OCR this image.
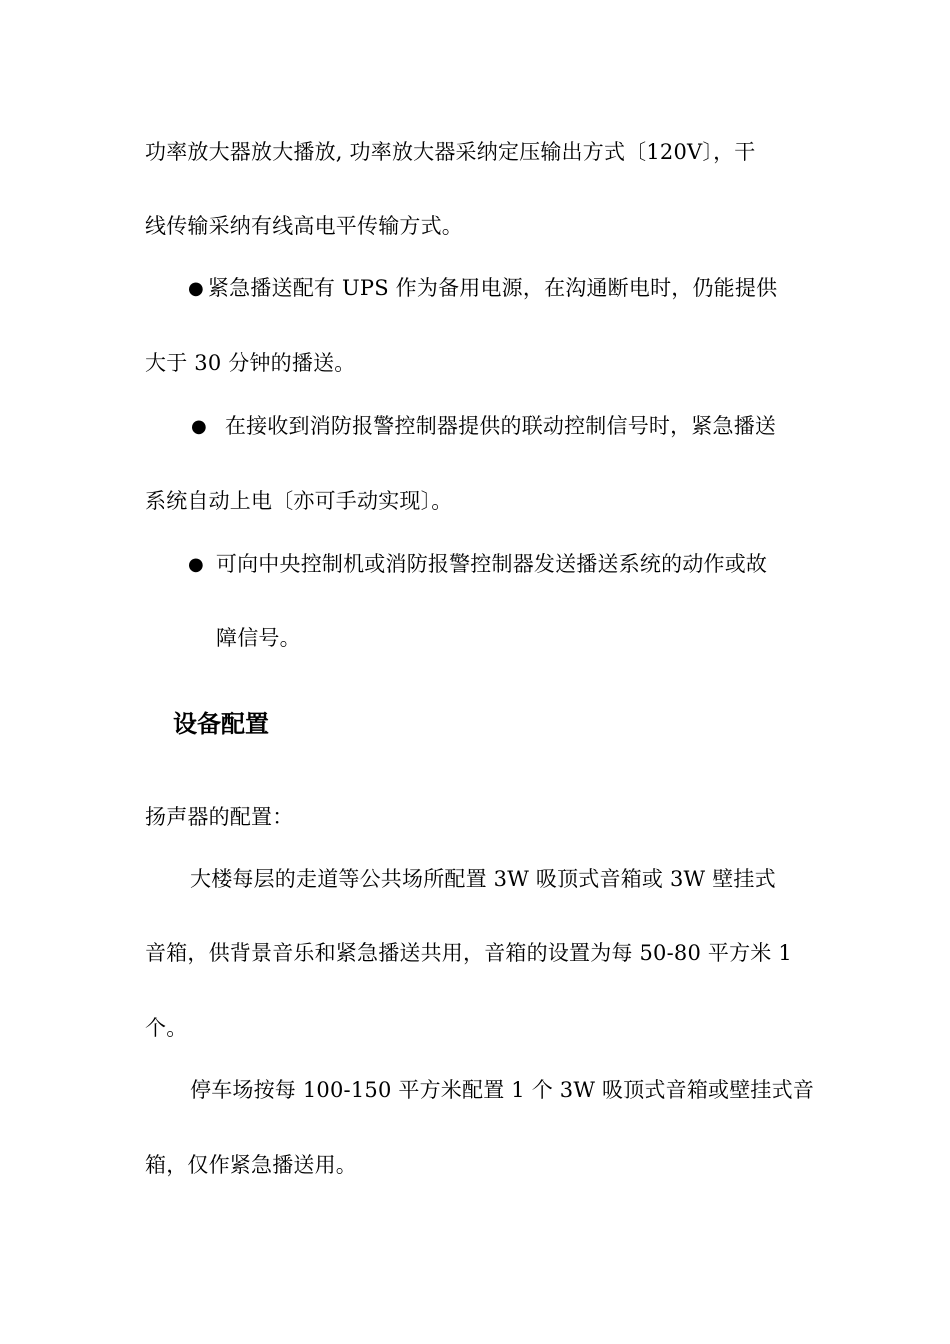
功率放大器放大播放, 功率放大器采纳定压输出方式〔120V〕，干
线传输采纳有线高电平传输方式。
● 紧急播送配有 UPS 作为备用电源，在沟通断电时，仍能提供
大于 30 分钟的播送。
● 在接收到消防报警控制器提供的联动控制信号时，紧急播送
系统自动上电〔亦可手动实现〕。
● 可向中央控制机或消防报警控制器发送播送系统的动作或故
障信号。
设备配置
扬声器的配置：
大楼每层的走道等公共场所配置 3W 吸顶式音箱或 3W 壁挂式
音箱，供背景音乐和紧急播送共用，音箱的设置为每 50-80 平方米 1
个。
停车场按每 100-150 平方米配置 1 个 3W 吸顶式音箱或壁挂式音
箱，仅作紧急播送用。
